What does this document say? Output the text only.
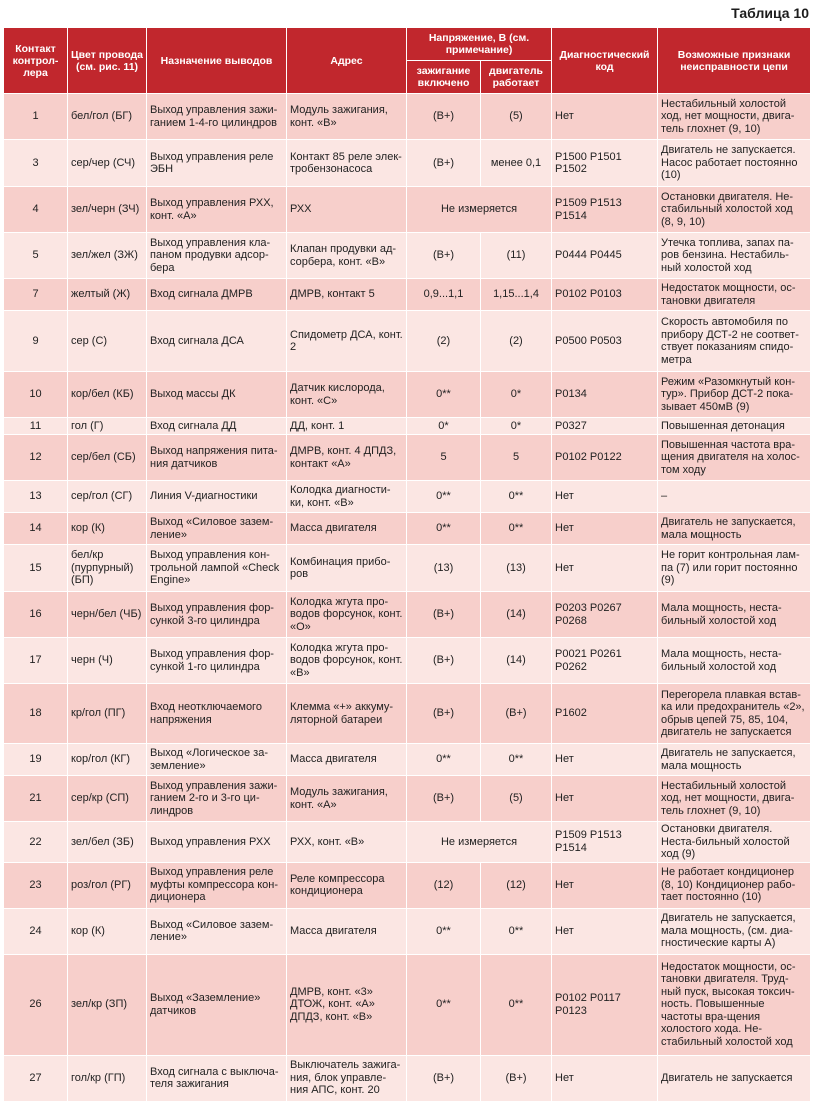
Таблица 10
Контакт контрол-лера	Цвет провода (см. рис. 11)	Назначение выводов	Адрес	Напряжение, В (см. примечание)		Диагностический код	Возможные признаки неисправности цепи
				зажигание включено	двигатель работает		
1	бел/гол (БГ)	Выход управления зажи-ганием 1-4-го цилиндров	Модуль зажигания, конт. «В»	(B+)	(5)	Нет	Нестабильный холостой ход, нет мощности, двига-тель глохнет (9, 10)
3	сер/чер (СЧ)	Выход управления реле ЭБН	Контакт 85 реле элек-тробензонасоса	(B+)	менее 0,1	P1500 P1501 P1502	Двигатель не запускается. Насос работает постоянно (10)
4	зел/черн (ЗЧ)	Выход управления РХХ, конт. «А»	РХХ	Не измеряется		P1509 P1513 P1514	Остановки двигателя. Не-стабильный холостой ход (8, 9, 10)
5	зел/жел (ЗЖ)	Выход управления кла-паном продувки адсор-бера	Клапан продувки ад-сорбера, конт. «В»	(B+)	(11)	P0444 P0445	Утечка топлива, запах па-ров бензина. Нестабиль-ный холостой ход
7	желтый (Ж)	Вход сигнала ДМРВ	ДМРВ, контакт 5	0,9...1,1	1,15...1,4	P0102 P0103	Недостаток мощности, ос-тановки двигателя
9	сер (С)	Вход сигнала ДСА	Спидометр ДСА, конт. 2	(2)	(2)	P0500 P0503	Скорость автомобиля по прибору ДСТ-2 не соответ-ствует показаниям спидо-метра
10	кор/бел (КБ)	Выход массы ДК	Датчик кислорода, конт. «С»	0**	0*	P0134	Режим «Разомкнутый кон-тур». Прибор ДСТ-2 пока-зывает 450мВ (9)
11	гол (Г)	Вход сигнала ДД	ДД, конт. 1	0*	0*	P0327	Повышенная детонация
12	сер/бел (СБ)	Выход напряжения пита-ния датчиков	ДМРВ, конт. 4 ДПДЗ, контакт «А»	5	5	P0102 P0122	Повышенная частота вра-щения двигателя на холос-том ходу
13	сер/гол (СГ)	Линия V-диагностики	Колодка диагности-ки, конт. «В»	0**	0**	Нет	–
14	кор (К)	Выход «Силовое зазем-ление»	Масса двигателя	0**	0**	Нет	Двигатель не запускается, мала мощность
15	бел/кр (пурпурный) (БП)	Выход управления кон-трольной лампой «Check Engine»	Комбинация прибо-ров	(13)	(13)	Нет	Не горит контрольная лам-па (7) или горит постоянно (9)
16	черн/бел (ЧБ)	Выход управления фор-сункой 3-го цилиндра	Колодка жгута про-водов форсунок, конт. «О»	(B+)	(14)	P0203 P0267 P0268	Мала мощность, неста-бильный холостой ход
17	черн (Ч)	Выход управления фор-сункой 1-го цилиндра	Колодка жгута про-водов форсунок, конт. «В»	(B+)	(14)	P0021 P0261 P0262	Мала мощность, неста-бильный холостой ход
18	кр/гол (ПГ)	Вход неотключаемого напряжения	Клемма «+» аккуму-ляторной батареи	(B+)	(B+)	P1602	Перегорела плавкая встав-ка или предохранитель «2», обрыв цепей 75, 85, 104, двигатель не запускается
19	кор/гол (КГ)	Выход «Логическое за-земление»	Масса двигателя	0**	0**	Нет	Двигатель не запускается, мала мощность
21	сер/кр (СП)	Выход управления зажи-ганием 2-го и 3-го ци-линдров	Модуль зажигания, конт. «А»	(B+)	(5)	Нет	Нестабильный холостой ход, нет мощности, двига-тель глохнет (9, 10)
22	зел/бел (ЗБ)	Выход управления РХХ	РХХ, конт. «В»	Не измеряется		P1509 P1513 P1514	Остановки двигателя. Неста-бильный холостой ход (9)
23	роз/гол (РГ)	Выход управления реле муфты компрессора кон-диционера	Реле компрессора кондиционера	(12)	(12)	Нет	Не работает кондиционер (8, 10) Кондиционер рабо-тает постоянно (10)
24	кор (К)	Выход «Силовое зазем-ление»	Масса двигателя	0**	0**	Нет	Двигатель не запускается, мала мощность, (см. диа-гностические карты А)
26	зел/кр (ЗП)	Выход «Заземление» датчиков	ДМРВ, конт. «3» ДТОЖ, конт. «А» ДПДЗ, конт. «В»	0**	0**	P0102 P0117 P0123	Недостаток мощности, ос-тановки двигателя. Труд-ный пуск, высокая токсич-ность. Повышенные частоты вра-щения холостого хода. Не-стабильный холостой ход
27	гол/кр (ГП)	Вход сигнала с выключа-теля зажигания	Выключатель зажига-ния, блок управле-ния АПС, конт. 20	(B+)	(B+)	Нет	Двигатель не запускается
